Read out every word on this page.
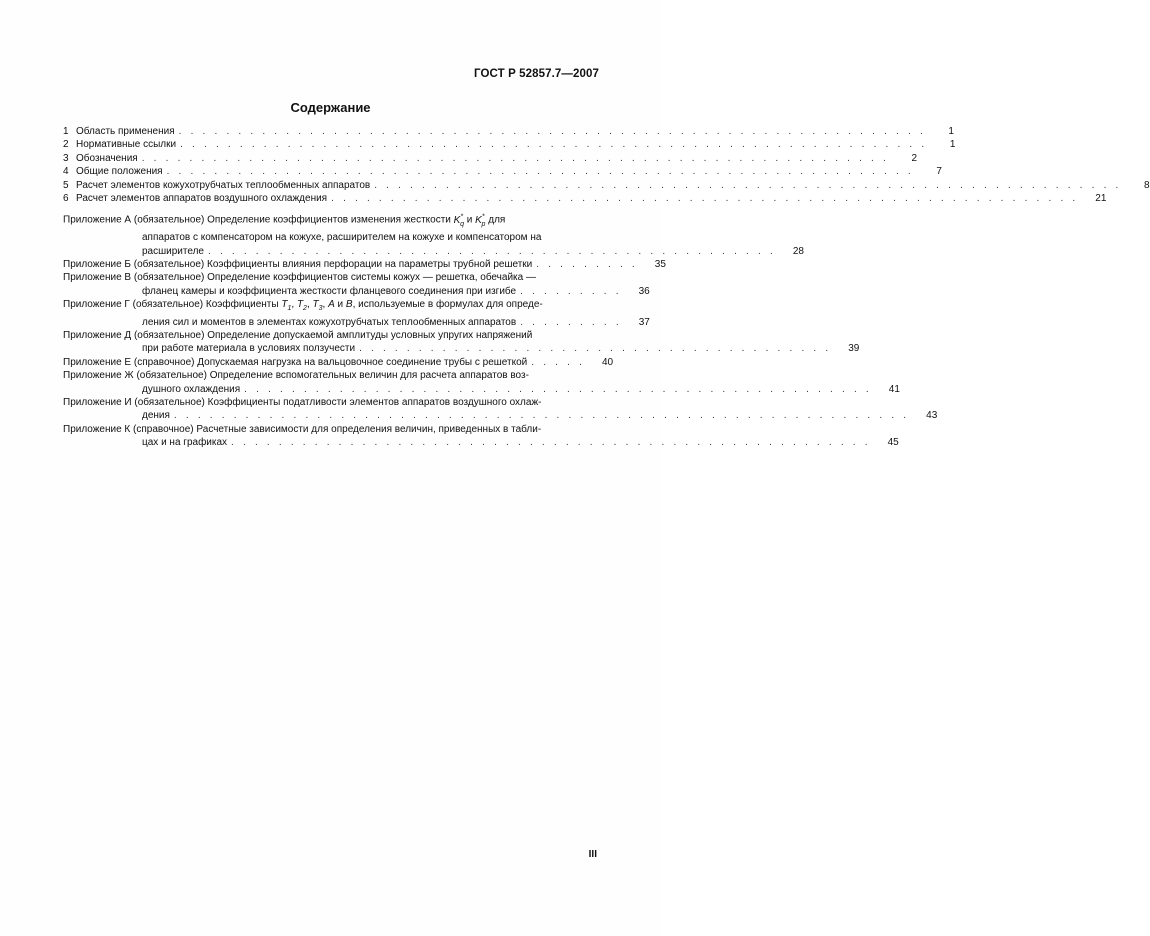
ГОСТ Р 52857.7—2007
Содержание
1 Область применения . . . . . . . . . . . . . . . . . . . . . . . . . . . . . . . . . . . . . . . . . . . . . . . . . . . . . . . . . . . . . . .	1
2 Нормативные ссылки . . . . . . . . . . . . . . . . . . . . . . . . . . . . . . . . . . . . . . . . . . . . . . . . . . . . . . . . . . . . . . .	1
3 Обозначения . . . . . . . . . . . . . . . . . . . . . . . . . . . . . . . . . . . . . . . . . . . . . . . . . . . . . . . . . . . . . . .	2
4 Общие положения . . . . . . . . . . . . . . . . . . . . . . . . . . . . . . . . . . . . . . . . . . . . . . . . . . . . . . . . . . . . . . .	7
5 Расчет элементов кожухотрубчатых теплообменных аппаратов . . . . . . . . . . . . . . . . . . . . . . . . . . . . . . . . . . . . . . . . . . . . . . . . . . . . . . . . . . . . . . .	8
6 Расчет элементов аппаратов воздушного охлаждения . . . . . . . . . . . . . . . . . . . . . . . . . . . . . . . . . . . . . . . . . . . . . . . . . . . . . . . . . . . . . . .	21
Приложение А (обязательное) Определение коэффициентов изменения жесткости $K^*_q$ и $K^*_p$ для
аппаратов с компенсатором на кожухе, расширителем на кожухе и компенсатором на
расширителе . . . . . . . . . . . . . . . . . . . . . . . . . . . . . . . . . . . . . . . . . . . . . . . .	28
Приложение Б (обязательное) Коэффициенты влияния перфорации на параметры трубной решетки . . . . . . . . .	35
Приложение В (обязательное) Определение коэффициентов системы кожух — решетка, обечайка —
фланец камеры и коэффициента жесткости фланцевого соединения при изгибе . . . . . . . . .	36
Приложение Г (обязательное) Коэффициенты $T_1$, $T_2$, $T_3$, A и B, используемые в формулах для опреде-
ления сил и моментов в элементах кожухотрубчатых теплообменных аппаратов . . . . . . . . .	37
Приложение Д (обязательное) Определение допускаемой амплитуды условных упругих напряжений
при работе материала в условиях ползучести . . . . . . . . . . . . . . . . . . . . . . . . . . . . . . . . . . . . . . . .	39
Приложение Е (справочное) Допускаемая нагрузка на вальцовочное соединение трубы с решеткой . . . . .	40
Приложение Ж (обязательное) Определение вспомогательных величин для расчета аппаратов воз-
душного охлаждения . . . . . . . . . . . . . . . . . . . . . . . . . . . . . . . . . . . . . . . . . . . . . . . . . . . . .	41
Приложение И (обязательное) Коэффициенты податливости элементов аппаратов воздушного охлаж-
дения . . . . . . . . . . . . . . . . . . . . . . . . . . . . . . . . . . . . . . . . . . . . . . . . . . . . . . . . . . . . . .	43
Приложение К (справочное) Расчетные зависимости для определения величин, приведенных в табли-
цах и на графиках . . . . . . . . . . . . . . . . . . . . . . . . . . . . . . . . . . . . . . . . . . . . . . . . . . . . . .	45
III
